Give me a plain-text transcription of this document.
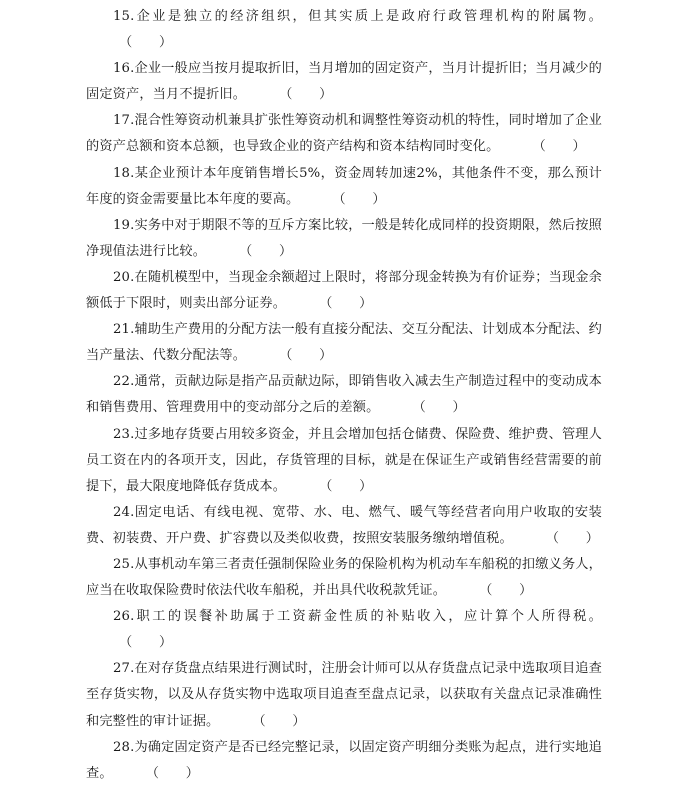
15.企业是独立的经济组织，但其实质上是政府行政管理机构的附属物。（　　）

16.企业一般应当按月提取折旧，当月增加的固定资产，当月计提折旧；当月减少的固定资产，当月不提折旧。	（　　）

17.混合性筹资动机兼具扩张性筹资动机和调整性筹资动机的特性，同时增加了企业的资产总额和资本总额，也导致企业的资产结构和资本结构同时变化。	（　　）

18.某企业预计本年度销售增长5%，资金周转加速2%，其他条件不变，那么预计年度的资金需要量比本年度的要高。	（　　）

19.实务中对于期限不等的互斥方案比较，一般是转化成同样的投资期限，然后按照净现值法进行比较。	（　　）

20.在随机模型中，当现金余额超过上限时，将部分现金转换为有价证券；当现金余额低于下限时，则卖出部分证券。	（　　）

21.辅助生产费用的分配方法一般有直接分配法、交互分配法、计划成本分配法、约当产量法、代数分配法等。	（　　）

22.通常，贡献边际是指产品贡献边际，即销售收入减去生产制造过程中的变动成本和销售费用、管理费用中的变动部分之后的差额。	（　　）

23.过多地存货要占用较多资金，并且会增加包括仓储费、保险费、维护费、管理人员工资在内的各项开支，因此，存货管理的目标，就是在保证生产或销售经营需要的前提下，最大限度地降低存货成本。	（　　）

24.固定电话、有线电视、宽带、水、电、燃气、暖气等经营者向用户收取的安装费、初装费、开户费、扩容费以及类似收费，按照安装服务缴纳增值税。	（　　）

25.从事机动车第三者责任强制保险业务的保险机构为机动车车船税的扣缴义务人，应当在收取保险费时依法代收车船税，并出具代收税款凭证。	（　　）

26.职工的误餐补助属于工资薪金性质的补贴收入，应计算个人所得税。（　　）

27.在对存货盘点结果进行测试时，注册会计师可以从存货盘点记录中选取项目追查至存货实物，以及从存货实物中选取项目追查至盘点记录，以获取有关盘点记录准确性和完整性的审计证据。	（　　）

28.为确定固定资产是否已经完整记录，以固定资产明细分类账为起点，进行实地追查。	（　　）
